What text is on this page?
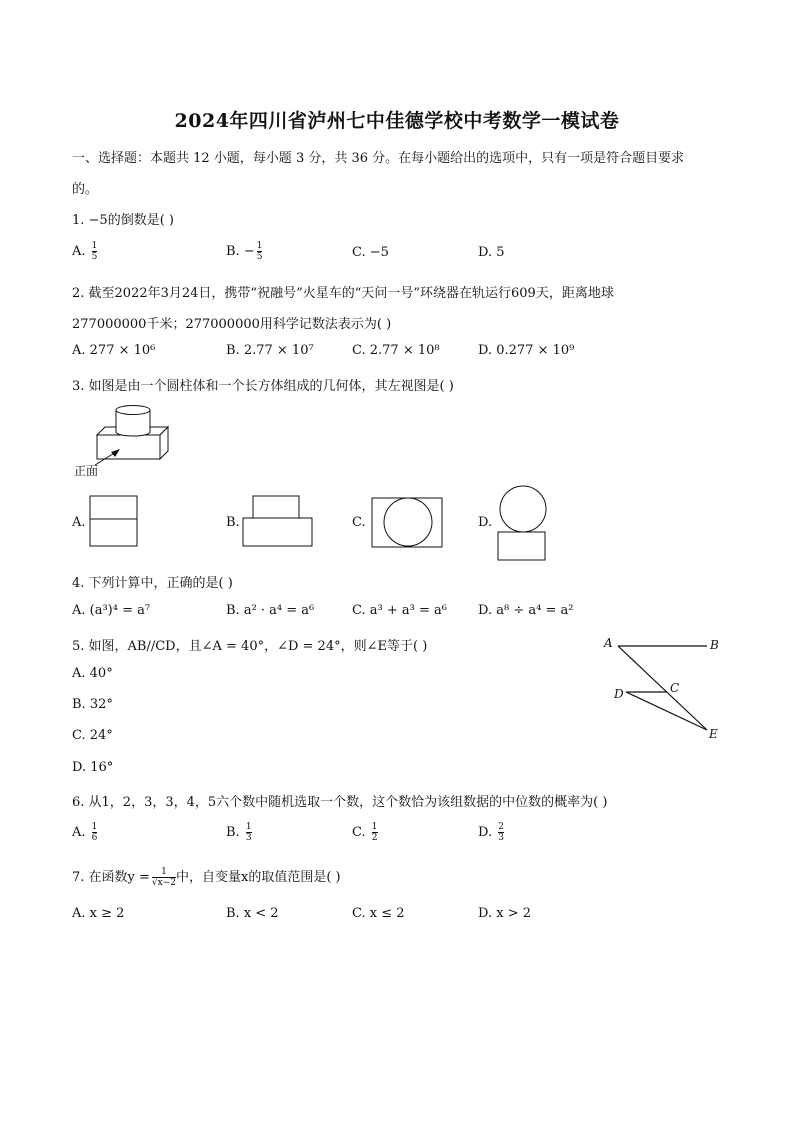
2024年四川省泸州七中佳德学校中考数学一模试卷
一、选择题：本题共 12 小题，每小题 3 分，共 36 分。在每小题给出的选项中，只有一项是符合题目要求
的。
1. −5的倒数是( )
A. $\frac{1}{5}$	B. − $\frac{1}{5}$	C. −5	D. 5
2. 截至2022年3月24日，携带“祝融号”火星车的“天问一号”环绕器在轨运行609天，距离地球
277000000千米；277000000用科学记数法表示为( )
A. 277 × 10⁶	B. 2.77 × 10⁷	C. 2.77 × 10⁸	D. 0.277 × 10⁹
3. 如图是由一个圆柱体和一个长方体组成的几何体，其左视图是( )
正面
A.	B.	C.	D.
4. 下列计算中，正确的是( )
A. (a³)⁴ = a⁷	B. a² · a⁴ = a⁶	C. a³ + a³ = a⁶ D. a⁸ ÷ a⁴ = a²
5. 如图，AB//CD，且∠A = 40°，∠D = 24°，则∠E等于( )
A. 40°
B. 32°
C. 24°
D. 16°
A	B
C
D
E
6. 从1，2，3，3，4，5六个数中随机选取一个数，这个数恰为该组数据的中位数的概率为( )
A. $\frac{1}{6}$	B. $\frac{1}{3}$	C. $\frac{1}{2}$	D. $\frac{2}{3}$
7. 在函数$y = \frac{1}{√x-2}$ 中，自变量x的取值范围是( )
A. x ≥ 2	B. x < 2	C. x ≤ 2	D. x > 2
